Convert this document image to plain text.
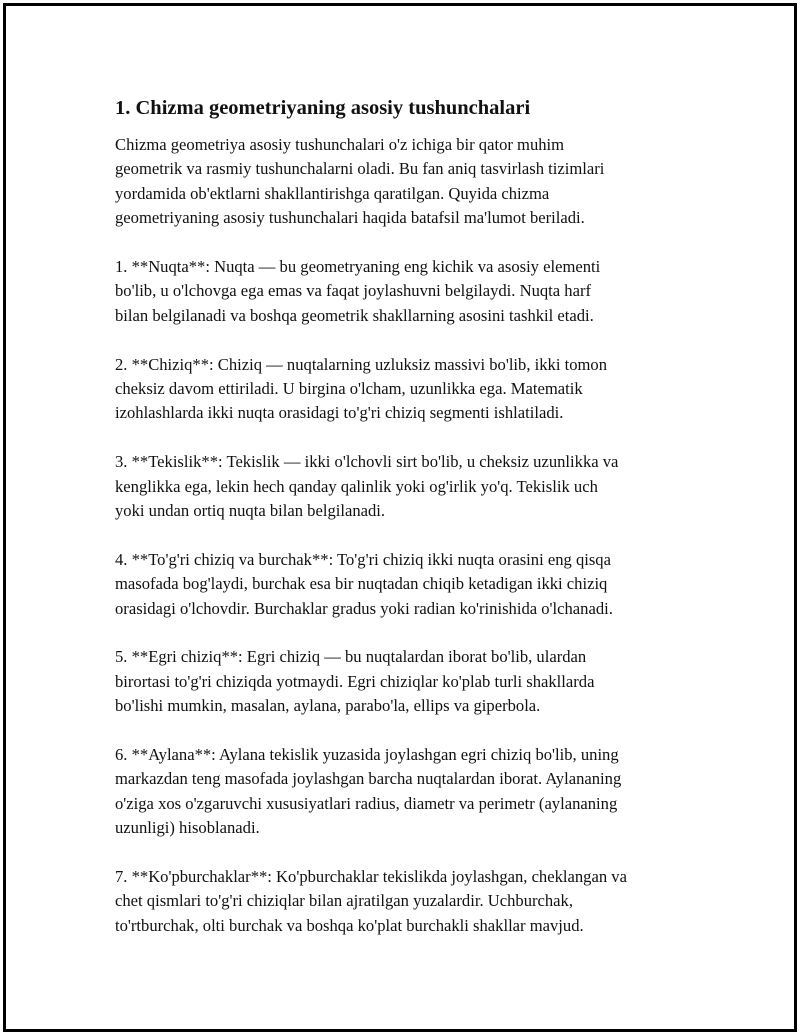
1. Chizma geometriyaning asosiy tushunchalari

Chizma geometriya asosiy tushunchalari o'z ichiga bir qator muhim
geometrik va rasmiy tushunchalarni oladi. Bu fan aniq tasvirlash tizimlari
yordamida ob'ektlarni shakllantirishga qaratilgan. Quyida chizma
geometriyaning asosiy tushunchalari haqida batafsil ma'lumot beriladi.

1. **Nuqta**: Nuqta — bu geometryaning eng kichik va asosiy elementi
bo'lib, u o'lchovga ega emas va faqat joylashuvni belgilaydi. Nuqta harf
bilan belgilanadi va boshqa geometrik shakllarning asosini tashkil etadi.

2. **Chiziq**: Chiziq — nuqtalarning uzluksiz massivi bo'lib, ikki tomon
cheksiz davom ettiriladi. U birgina o'lcham, uzunlikka ega. Matematik
izohlashlarda ikki nuqta orasidagi to'g'ri chiziq segmenti ishlatiladi.

3. **Tekislik**: Tekislik — ikki o'lchovli sirt bo'lib, u cheksiz uzunlikka va
kenglikka ega, lekin hech qanday qalinlik yoki og'irlik yo'q. Tekislik uch
yoki undan ortiq nuqta bilan belgilanadi.

4. **To'g'ri chiziq va burchak**: To'g'ri chiziq ikki nuqta orasini eng qisqa
masofada bog'laydi, burchak esa bir nuqtadan chiqib ketadigan ikki chiziq
orasidagi o'lchovdir. Burchaklar gradus yoki radian ko'rinishida o'lchanadi.

5. **Egri chiziq**: Egri chiziq — bu nuqtalardan iborat bo'lib, ulardan
birortasi to'g'ri chiziqda yotmaydi. Egri chiziqlar ko'plab turli shakllarda
bo'lishi mumkin, masalan, aylana, parabo'la, ellips va giperbola.

6. **Aylana**: Aylana tekislik yuzasida joylashgan egri chiziq bo'lib, uning
markazdan teng masofada joylashgan barcha nuqtalardan iborat. Aylananing
o'ziga xos o'zgaruvchi xususiyatlari radius, diametr va perimetr (aylananing
uzunligi) hisoblanadi.

7. **Ko'pburchaklar**: Ko'pburchaklar tekislikda joylashgan, cheklangan va
chet qismlari to'g'ri chiziqlar bilan ajratilgan yuzalardir. Uchburchak,
to'rtburchak, olti burchak va boshqa ko'plat burchakli shakllar mavjud.
